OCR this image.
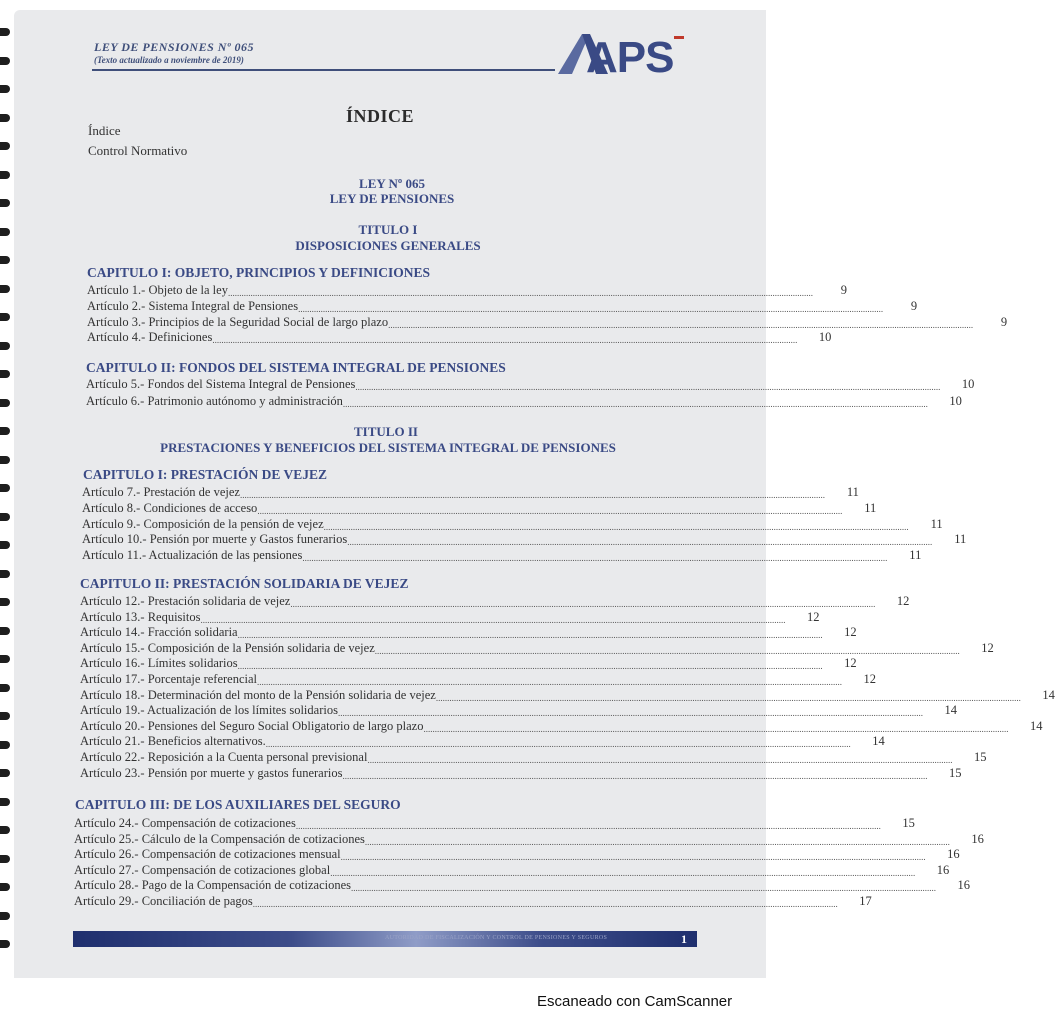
LEY DE PENSIONES Nº 065
(Texto actualizado a noviembre de 2019)	APS
ÍNDICE
Índice
Control Normativo
LEY Nº 065
LEY DE PENSIONES
TITULO I
DISPOSICIONES GENERALES
TITULO II
PRESTACIONES Y BENEFICIOS DEL SISTEMA INTEGRAL DE PENSIONES
CAPITULO I: OBJETO, PRINCIPIOS Y DEFINICIONES
Artículo 1.- Objeto de la ley ....................................................................................................................................................................................................................................................................	9
Artículo 2.- Sistema Integral de Pensiones ....................................................................................................................................................................................................................................................................	9
Artículo 3.- Principios de la Seguridad Social de largo plazo ....................................................................................................................................................................................................................................................................	9
Artículo 4.- Definiciones ....................................................................................................................................................................................................................................................................	10
CAPITULO II: FONDOS DEL SISTEMA INTEGRAL DE PENSIONES
Artículo 5.- Fondos del Sistema Integral de Pensiones ....................................................................................................................................................................................................................................................................	10
Artículo 6.- Patrimonio autónomo y administración ....................................................................................................................................................................................................................................................................	10
CAPITULO I: PRESTACIÓN DE VEJEZ
Artículo 7.- Prestación de vejez ....................................................................................................................................................................................................................................................................	11
Artículo 8.- Condiciones de acceso ....................................................................................................................................................................................................................................................................	11
Artículo 9.- Composición de la pensión de vejez ....................................................................................................................................................................................................................................................................	11
Artículo 10.- Pensión por muerte y Gastos funerarios ....................................................................................................................................................................................................................................................................	11
Artículo 11.- Actualización de las pensiones ....................................................................................................................................................................................................................................................................	11
CAPITULO II: PRESTACIÓN SOLIDARIA DE VEJEZ
Artículo 12.- Prestación solidaria de vejez ....................................................................................................................................................................................................................................................................	12
Artículo 13.- Requisitos ....................................................................................................................................................................................................................................................................	12
Artículo 14.- Fracción solidaria ....................................................................................................................................................................................................................................................................	12
Artículo 15.- Composición de la Pensión solidaria de vejez ....................................................................................................................................................................................................................................................................	12
Artículo 16.- Límites solidarios ....................................................................................................................................................................................................................................................................	12
Artículo 17.- Porcentaje referencial ....................................................................................................................................................................................................................................................................	12
Artículo 18.- Determinación del monto de la Pensión solidaria de vejez ....................................................................................................................................................................................................................................................................	14
Artículo 19.- Actualización de los límites solidarios ....................................................................................................................................................................................................................................................................	14
Artículo 20.- Pensiones del Seguro Social Obligatorio de largo plazo ....................................................................................................................................................................................................................................................................	14
Artículo 21.- Beneficios alternativos. ....................................................................................................................................................................................................................................................................	14
Artículo 22.- Reposición a la Cuenta personal previsional ....................................................................................................................................................................................................................................................................	15
Artículo 23.- Pensión por muerte y gastos funerarios ....................................................................................................................................................................................................................................................................	15
CAPITULO III: DE LOS AUXILIARES DEL SEGURO
Artículo 24.- Compensación de cotizaciones ....................................................................................................................................................................................................................................................................	15
Artículo 25.- Cálculo de la Compensación de cotizaciones ....................................................................................................................................................................................................................................................................	16
Artículo 26.- Compensación de cotizaciones mensual ....................................................................................................................................................................................................................................................................	16
Artículo 27.- Compensación de cotizaciones global ....................................................................................................................................................................................................................................................................	16
Artículo 28.- Pago de la Compensación de cotizaciones ....................................................................................................................................................................................................................................................................	16
Artículo 29.- Conciliación de pagos ....................................................................................................................................................................................................................................................................	17
AUTORIDAD DE FISCALIZACIÓN Y CONTROL DE PENSIONES Y SEGUROS	1
Escaneado con CamScanner
